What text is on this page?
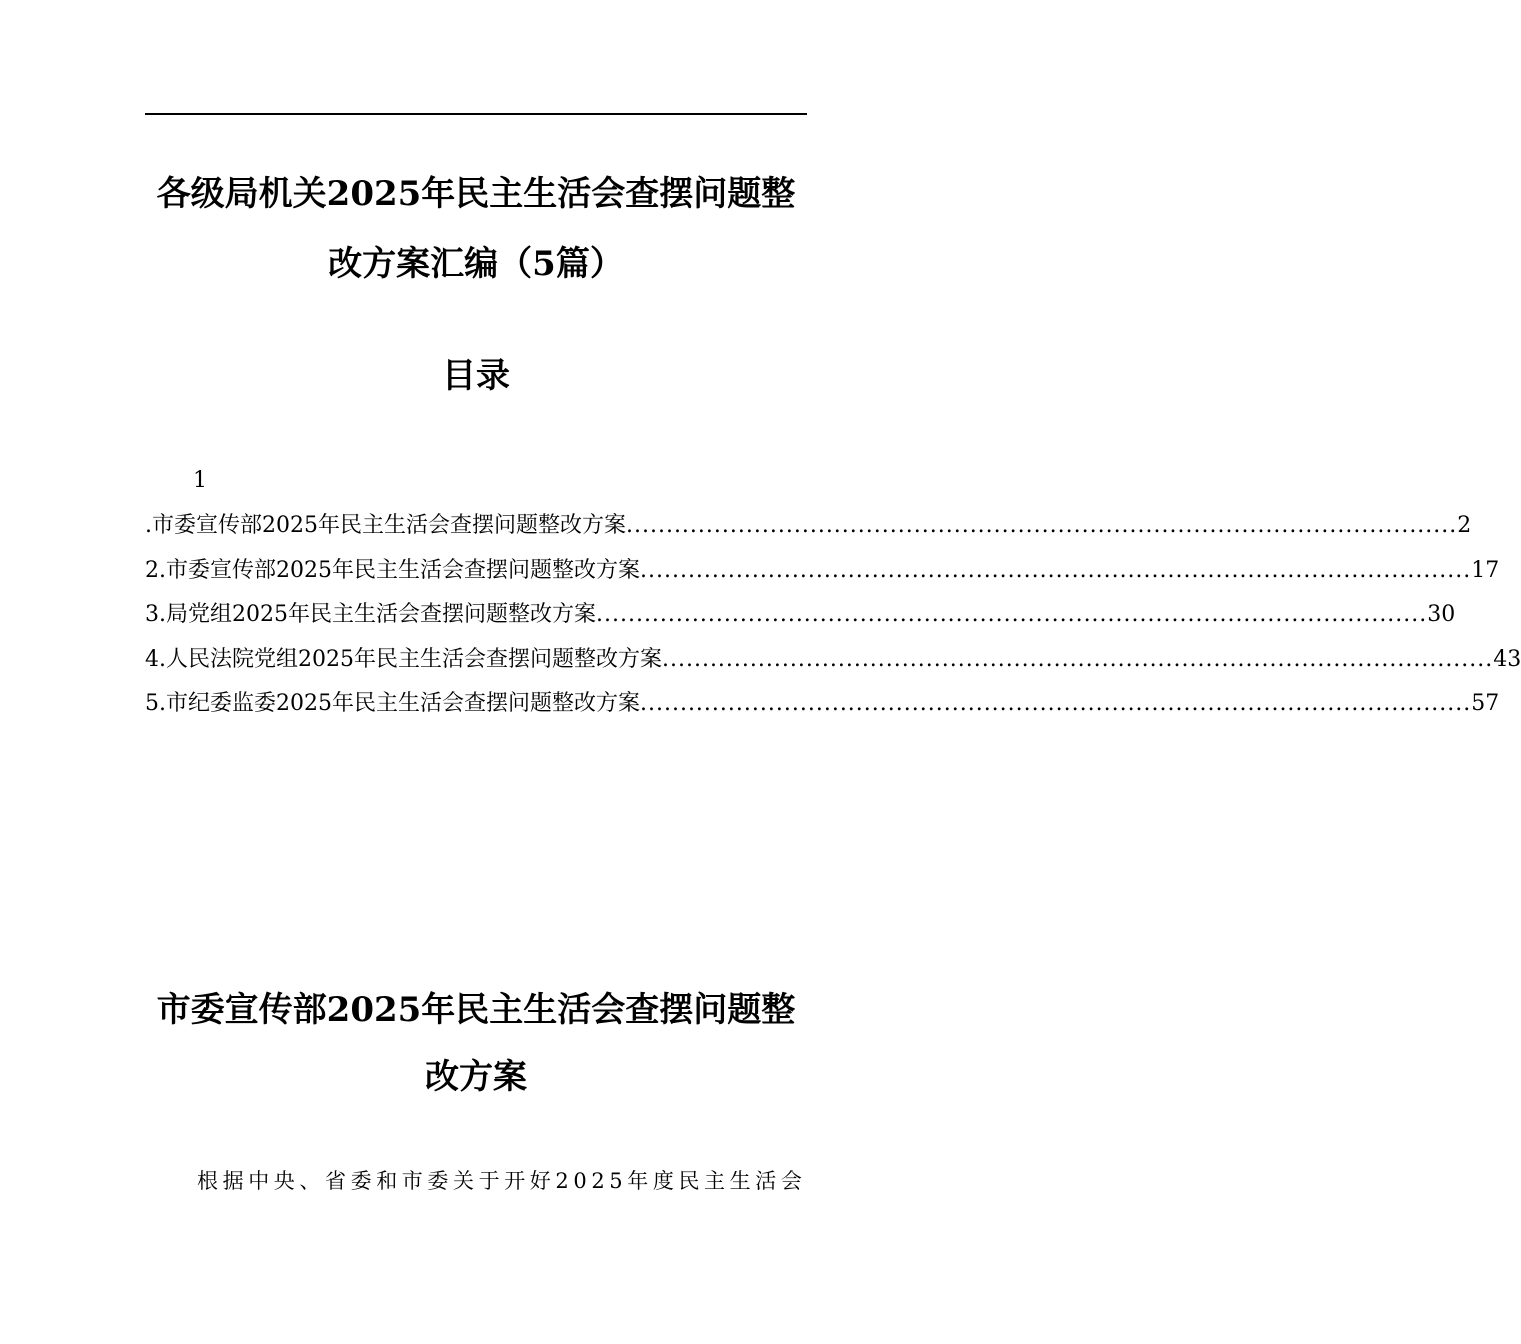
各级局机关2025年民主生活会查摆问题整
改方案汇编（5篇）
目录
1
.市委宣传部2025年民主生活会查摆问题整改方案 ........................................................................................................ 2
2.市委宣传部2025年民主生活会查摆问题整改方案 ........................................................................................................ 17
3.局党组2025年民主生活会查摆问题整改方案 ........................................................................................................ 30
4.人民法院党组2025年民主生活会查摆问题整改方案 ........................................................................................................ 43
5.市纪委监委2025年民主生活会查摆问题整改方案 ........................................................................................................ 57
市委宣传部2025年民主生活会查摆问题整
改方案
根据中央、省委和市委关于开好2025年度民主生活会
